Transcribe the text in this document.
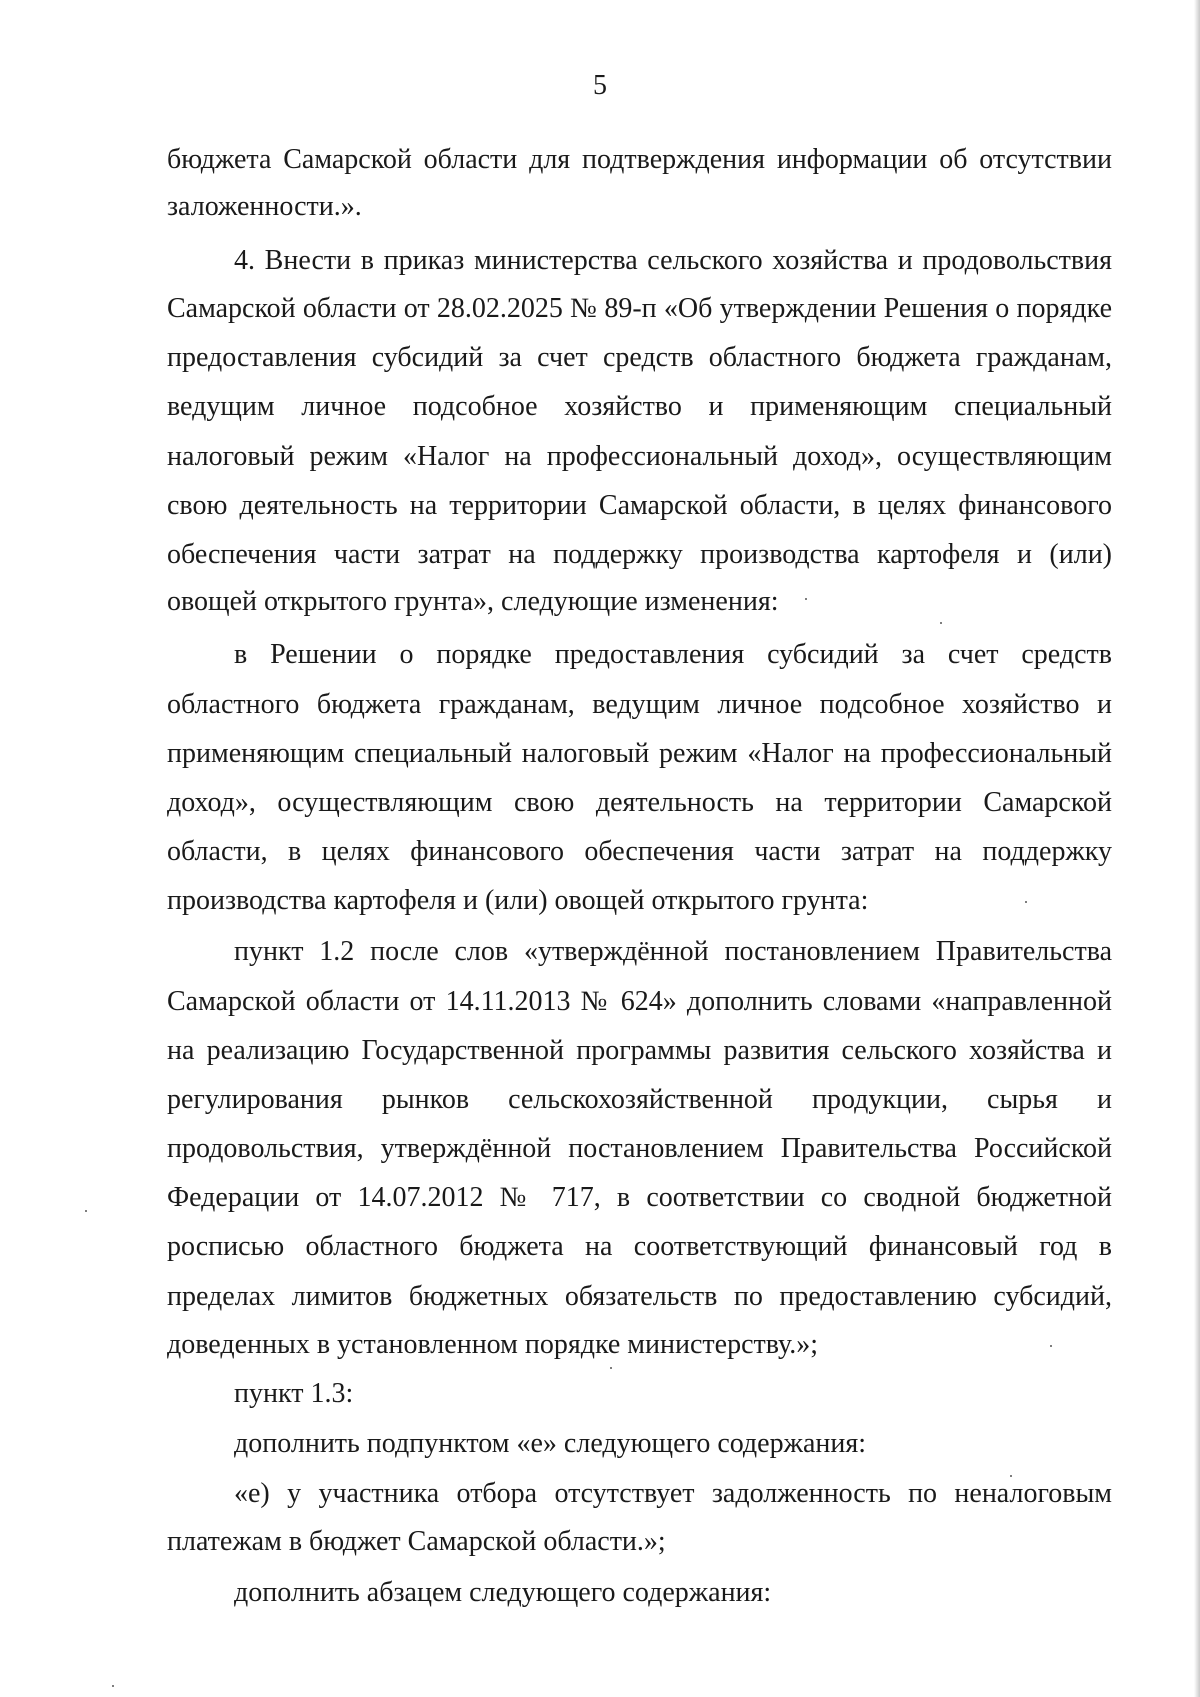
5
бюджета Самарской области для подтверждения информации об отсутствии
заложенности.».
4. Внести в приказ министерства сельского хозяйства и продовольствия
Самарской области от 28.02.2025 № 89-п «Об утверждении Решения о порядке
предоставления субсидий за счет средств областного бюджета гражданам,
ведущим личное подсобное хозяйство и применяющим специальный
налоговый режим «Налог на профессиональный доход», осуществляющим
свою деятельность на территории Самарской области, в целях финансового
обеспечения части затрат на поддержку производства картофеля и (или)
овощей открытого грунта», следующие изменения:
в Решении о порядке предоставления субсидий за счет средств
областного бюджета гражданам, ведущим личное подсобное хозяйство и
применяющим специальный налоговый режим «Налог на профессиональный
доход», осуществляющим свою деятельность на территории Самарской
области, в целях финансового обеспечения части затрат на поддержку
производства картофеля и (или) овощей открытого грунта:
пункт 1.2 после слов «утверждённой постановлением Правительства
Самарской области от 14.11.2013 № 624» дополнить словами «направленной
на реализацию Государственной программы развития сельского хозяйства и
регулирования рынков сельскохозяйственной продукции, сырья и
продовольствия, утверждённой постановлением Правительства Российской
Федерации от 14.07.2012 № 717, в соответствии со сводной бюджетной
росписью областного бюджета на соответствующий финансовый год в
пределах лимитов бюджетных обязательств по предоставлению субсидий,
доведенных в установленном порядке министерству.»;
пункт 1.3:
дополнить подпунктом «е» следующего содержания:
«е) у участника отбора отсутствует задолженность по неналоговым
платежам в бюджет Самарской области.»;
дополнить абзацем следующего содержания:
